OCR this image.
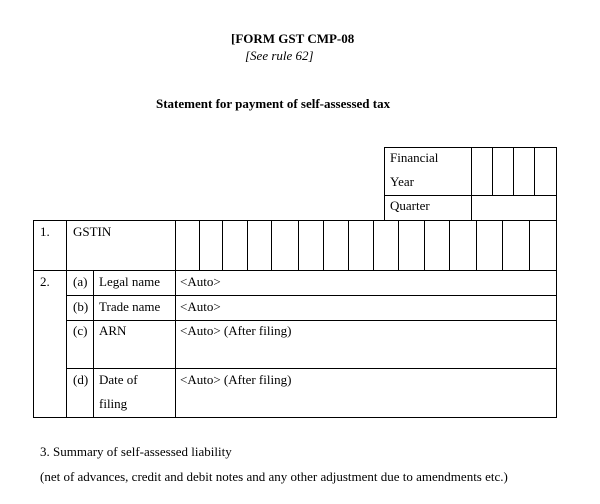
[FORM GST CMP-08
[See rule 62]
Statement for payment of self-assessed tax
Financial
Year
Quarter
1. GSTIN
2. (a) Legal name <Auto>
(b) Trade name <Auto>
(c) ARN	<Auto> (After filing)
(d) Date of
filing
<Auto> (After filing)
3. Summary of self-assessed liability
(net of advances, credit and debit notes and any other adjustment due to amendments etc.)
